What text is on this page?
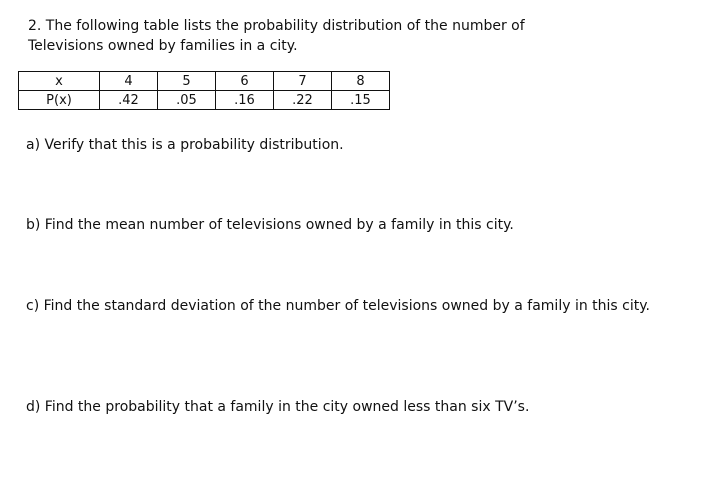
2. The following table lists the probability distribution of the number of
Televisions owned by families in a city.
x	4	5	6	7	8
P(x)	.42	.05	.16	.22	.15
a) Verify that this is a probability distribution.
b) Find the mean number of televisions owned by a family in this city.
c) Find the standard deviation of the number of televisions owned by a family in this city.
d) Find the probability that a family in the city owned less than six TV’s.
